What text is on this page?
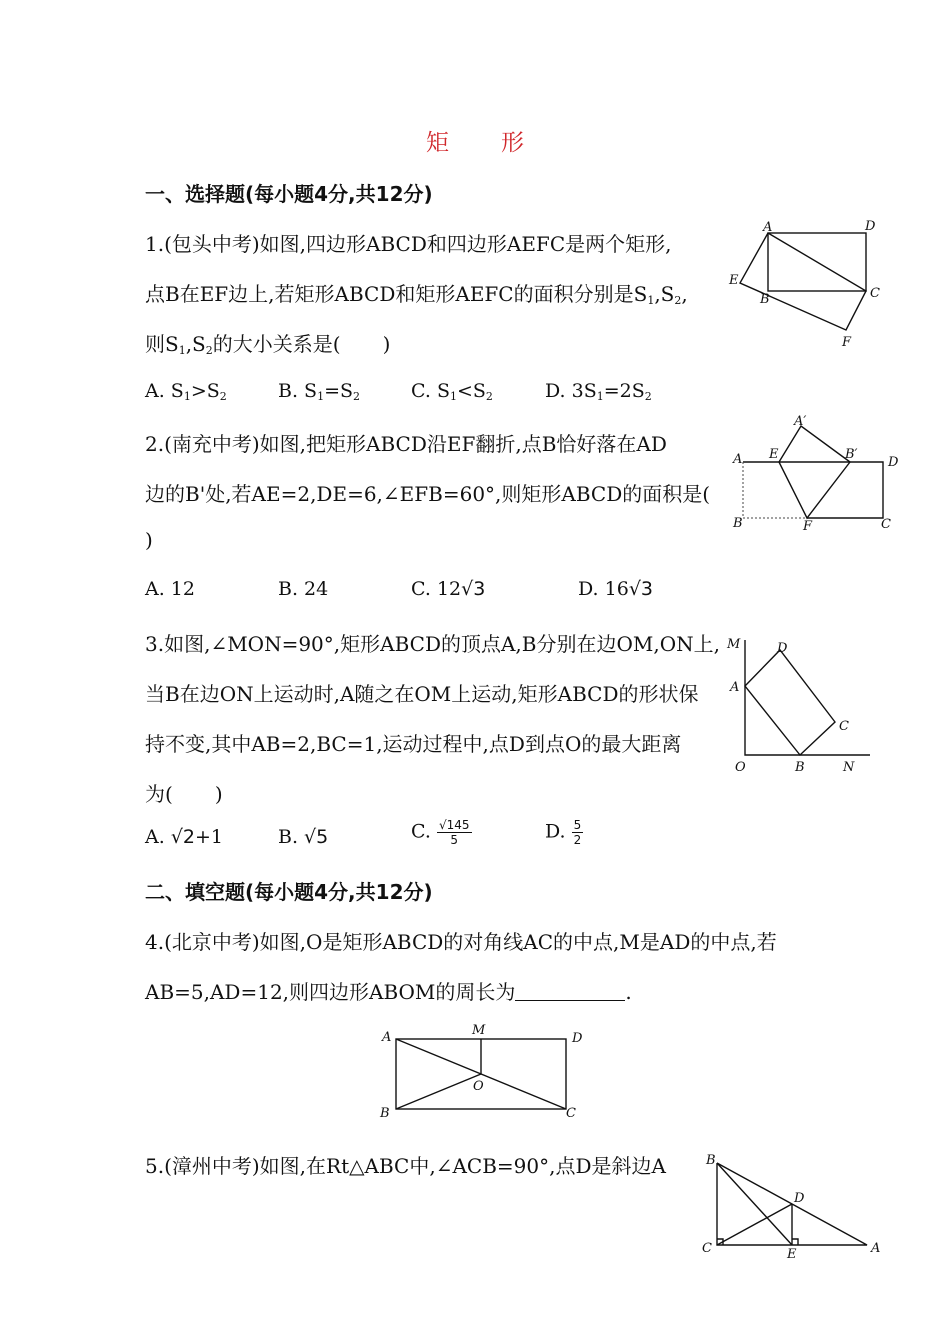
矩 形
一、选择题(每小题4分,共12分)
1.(包头中考)如图,四边形ABCD和四边形AEFC是两个矩形,
点B在EF边上,若矩形ABCD和矩形AEFC的面积分别是$S_1,S_2$,
则$S_1,S_2$的大小关系是( )
A. $S_1>S_2$	B. $S_1=S_2$	C. $S_1<S_2$	D. $3S_1=2S_2$
A	D
E
B	C
F
2.(南充中考)如图,把矩形ABCD沿EF翻折,点B恰好落在AD
边的B'处,若AE=2,DE=6,∠EFB=60°,则矩形ABCD的面积是(
)
A. 12	B. 24	C. 12√3	D. 16√3
A′
A E	B′
D
B	F	C
3.如图,∠MON=90°,矩形ABCD的顶点A,B分别在边OM,ON上,
当B在边ON上运动时,A随之在OM上运动,矩形ABCD的形状保
持不变,其中AB=2,BC=1,运动过程中,点D到点O的最大距离
为( )
A. √2+1	B. √5	C. $\frac{√145}{5}$	D. $\frac{5}{2}$
M	D
A
C
O	B	N
二、填空题(每小题4分,共12分)
4.(北京中考)如图,O是矩形ABCD的对角线AC的中点,M是AD的中点,若
AB=5,AD=12,则四边形ABOM的周长为	.
A	M
D
O
B	C
5.(漳州中考)如图,在Rt△ABC中,∠ACB=90°,点D是斜边A	B
D
C	E	A
